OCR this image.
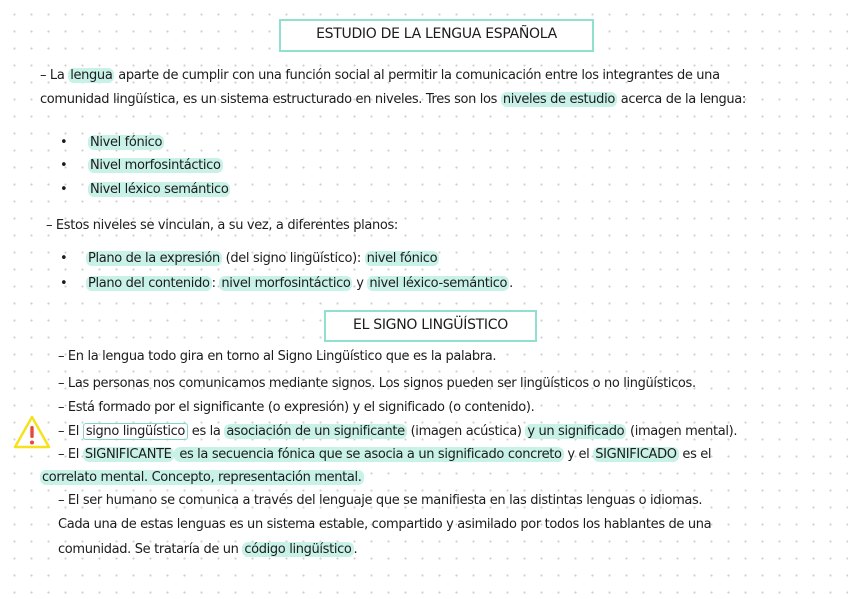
ESTUDIO DE LA LENGUA ESPAÑOLA
– La lengua aparte de cumplir con una función social al permitir la comunicación entre los integrantes de una
comunidad lingüística, es un sistema estructurado en niveles. Tres son los niveles de estudio acerca de la lengua:
• Nivel fónico
• Nivel morfosintáctico
• Nivel léxico semántico
– Estos niveles se vinculan, a su vez, a diferentes planos:
• Plano de la expresión (del signo lingüístico): nivel fónico
• Plano del contenido : nivel morfosintáctico y nivel léxico-semántico .
EL SIGNO LINGÜÍSTICO
– En la lengua todo gira en torno al Signo Lingüístico que es la palabra.
– Las personas nos comunicamos mediante signos. Los signos pueden ser lingüísticos o no lingüísticos.
– Está formado por el significante (o expresión) y el significado (o contenido).
– El signo lingüístico es la asociación de un significante (imagen acústica) y un significado (imagen mental).
– El SIGNIFICANTE es la secuencia fónica que se asocia a un significado concreto y el SIGNIFICADO es el
correlato mental. Concepto, representación mental.
– El ser humano se comunica a través del lenguaje que se manifiesta en las distintas lenguas o idiomas.
Cada una de estas lenguas es un sistema estable, compartido y asimilado por todos los hablantes de una
comunidad. Se trataría de un código lingüístico .
